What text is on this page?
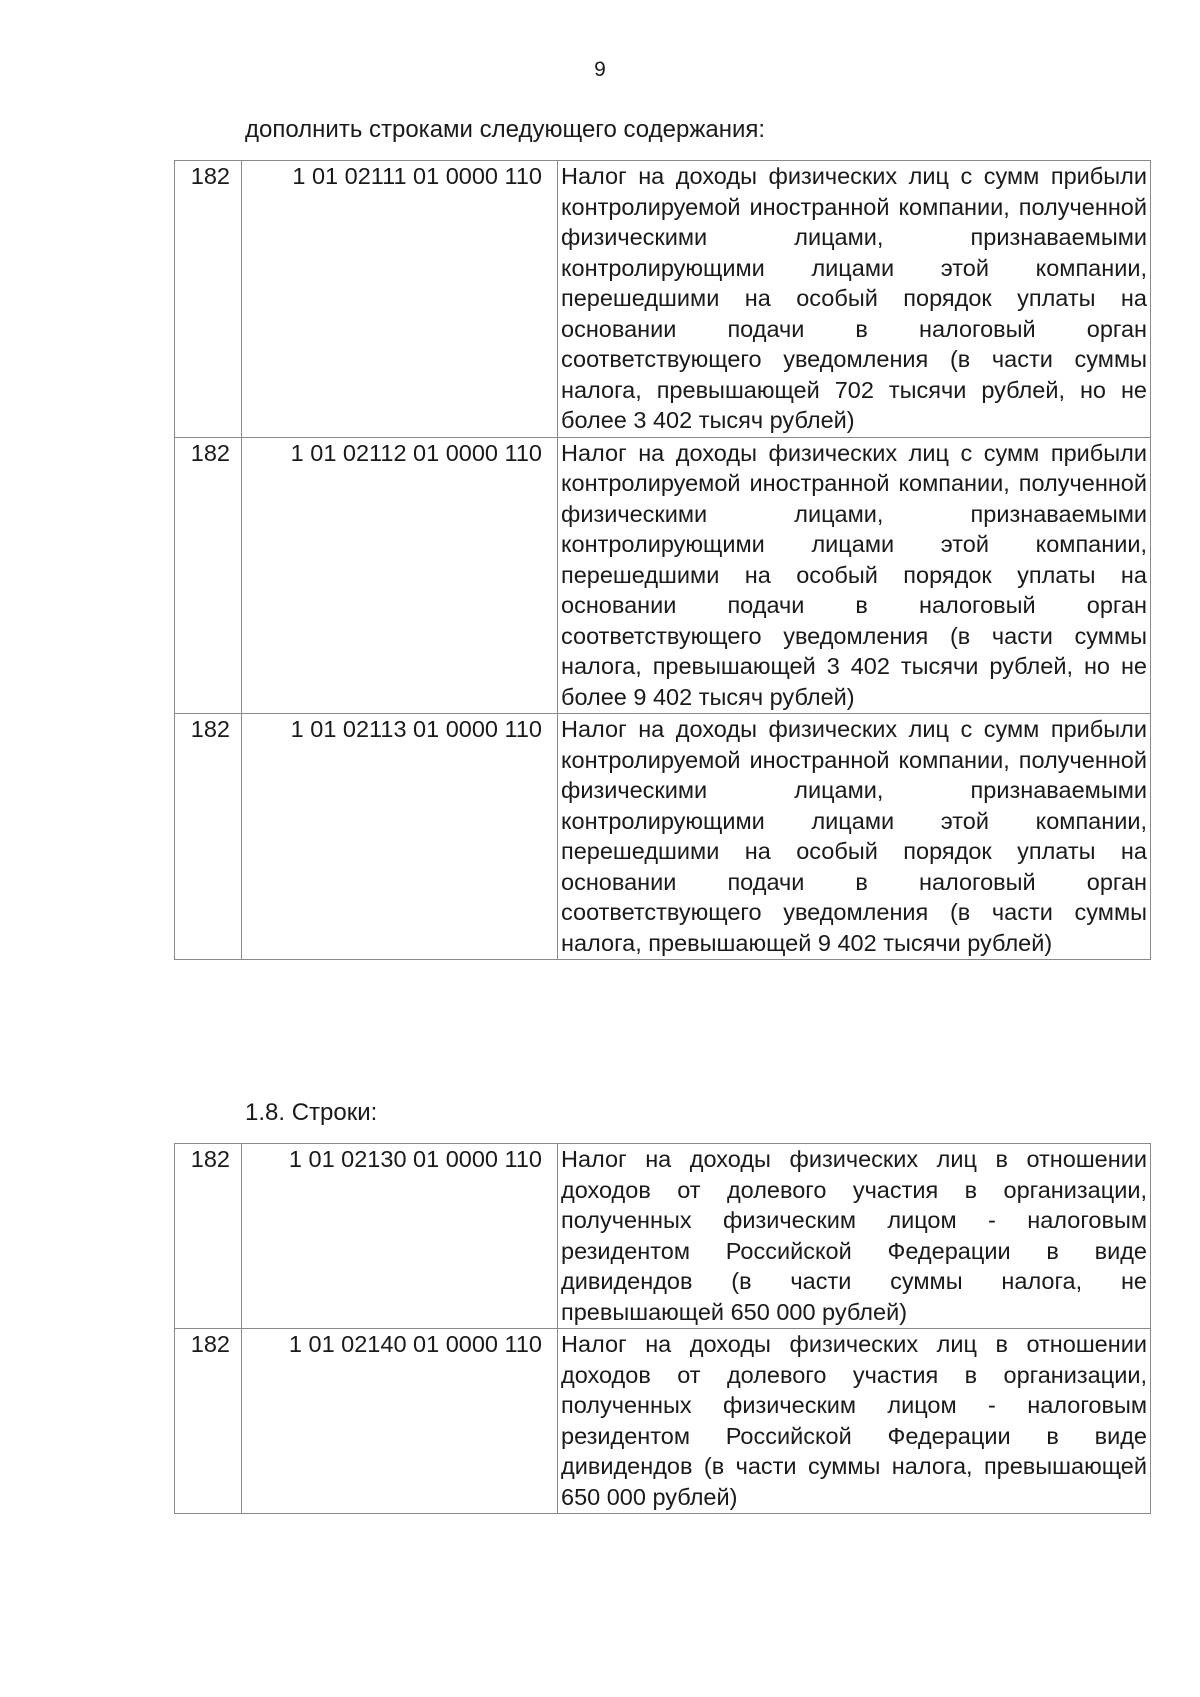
9
дополнить строками следующего содержания:
182	1 01 02111 01 0000 110	Налог на доходы физических лиц с сумм прибыли контролируемой иностранной компании, полученной физическими лицами, признаваемыми контролирующими лицами этой компании, перешедшими на особый порядок уплаты на основании подачи в налоговый орган соответствующего уведомления (в части суммы налога, превышающей 702 тысячи рублей, но не более 3 402 тысяч рублей)
182	1 01 02112 01 0000 110	Налог на доходы физических лиц с сумм прибыли контролируемой иностранной компании, полученной физическими лицами, признаваемыми контролирующими лицами этой компании, перешедшими на особый порядок уплаты на основании подачи в налоговый орган соответствующего уведомления (в части суммы налога, превышающей 3 402 тысячи рублей, но не более 9 402 тысяч рублей)
182	1 01 02113 01 0000 110	Налог на доходы физических лиц с сумм прибыли контролируемой иностранной компании, полученной физическими лицами, признаваемыми контролирующими лицами этой компании, перешедшими на особый порядок уплаты на основании подачи в налоговый орган соответствующего уведомления (в части суммы налога, превышающей 9 402 тысячи рублей)
1.8. Строки:
182	1 01 02130 01 0000 110	Налог на доходы физических лиц в отношении доходов от долевого участия в организации, полученных физическим лицом - налоговым резидентом Российской Федерации в виде дивидендов (в части суммы налога, не превышающей 650 000 рублей)
182	1 01 02140 01 0000 110	Налог на доходы физических лиц в отношении доходов от долевого участия в организации, полученных физическим лицом - налоговым резидентом Российской Федерации в виде дивидендов (в части суммы налога, превышающей 650 000 рублей)
